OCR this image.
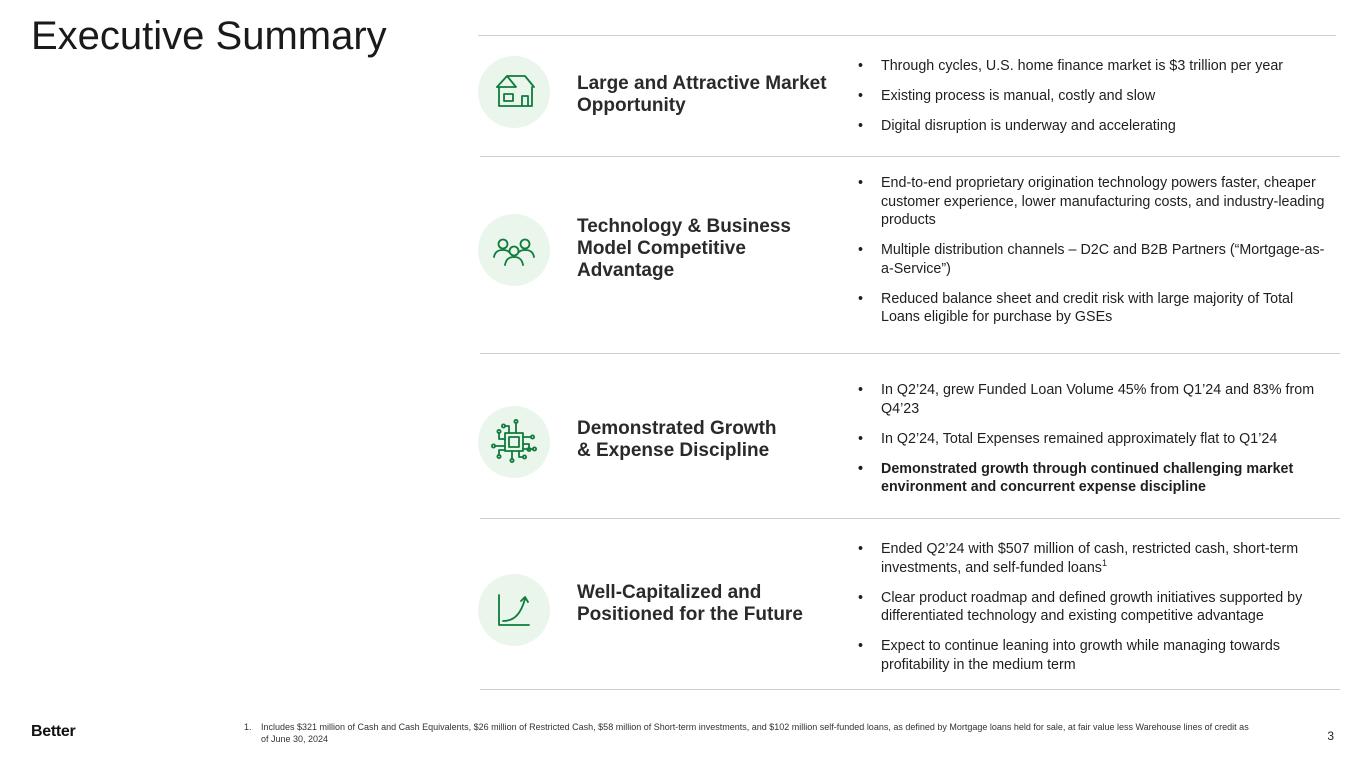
Executive Summary
Large and Attractive Market
Opportunity
• Through cycles, U.S. home finance market is $3 trillion per year
• Existing process is manual, costly and slow
• Digital disruption is underway and accelerating
Technology & Business
Model Competitive
Advantage
• End-to-end proprietary origination technology powers faster, cheaper customer experience, lower manufacturing costs, and industry-leading products
• Multiple distribution channels – D2C and B2B Partners (“Mortgage-as-a-Service”)
• Reduced balance sheet and credit risk with large majority of Total Loans eligible for purchase by GSEs
Demonstrated Growth
& Expense Discipline
• In Q2’24, grew Funded Loan Volume 45% from Q1’24 and 83% from Q4’23
• In Q2’24, Total Expenses remained approximately flat to Q1’24
• Demonstrated growth through continued challenging market environment and concurrent expense discipline
Well-Capitalized and
Positioned for the Future
• Ended Q2’24 with $507 million of cash, restricted cash, short-term investments, and self-funded loans$^1$
• Clear product roadmap and defined growth initiatives supported by differentiated technology and existing competitive advantage
• Expect to continue leaning into growth while managing towards profitability in the medium term
Better	1.	Includes $321 million of Cash and Cash Equivalents, $26 million of Restricted Cash, $58 million of Short-term investments, and $102 million self-funded loans, as defined by Mortgage loans held for sale, at fair value less Warehouse lines of credit as of June 30, 2024	3
